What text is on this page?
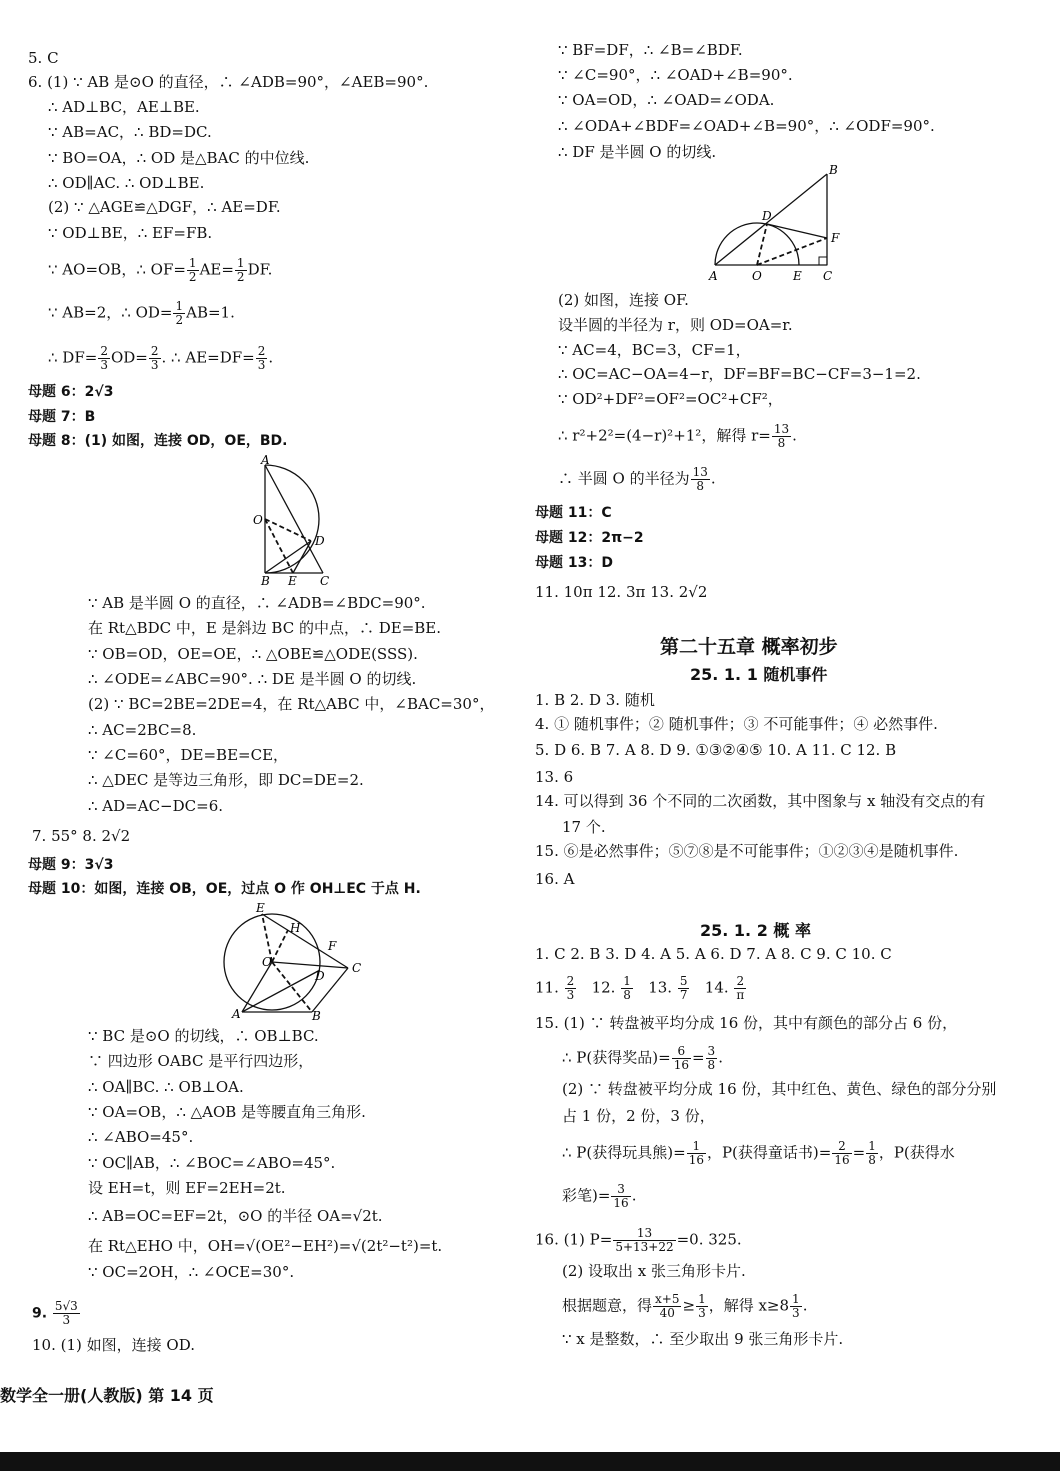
5. C
6. (1) ∵ AB 是⊙O 的直径，∴ ∠ADB=90°，∠AEB=90°.
∴ AD⊥BC，AE⊥BE.
∵ AB=AC，∴ BD=DC.
∵ BO=OA，∴ OD 是△BAC 的中位线.
∴ OD∥AC. ∴ OD⊥BE.
(2) ∵ △AGE≌△DGF，∴ AE=DF.
∵ OD⊥BE，∴ EF=FB.
∵ AO=OB，∴ $OF= \frac{1}{2} AE= \frac{1}{2}$ DF.
∵ AB=2，∴ $OD= \frac{1}{2} AB=1$.
∴ $DF= \frac{2}{3} OD= \frac{2}{3}$ . ∴ $AE=DF= \frac{2}{3}$ .
母题 6：2√3
母题 7：B
母题 8：(1) 如图，连接 OD，OE，BD.
A
O
D
B E C
∵ AB 是半圆 O 的直径，∴ ∠ADB=∠BDC=90°.
在 Rt△BDC 中，E 是斜边 BC 的中点，∴ DE=BE.
∵ OB=OD，OE=OE，∴ △OBE≌△ODE(SSS).
∴ ∠ODE=∠ABC=90°. ∴ DE 是半圆 O 的切线.
(2) ∵ BC=2BE=2DE=4，在 Rt△ABC 中，∠BAC=30°，
∴ AC=2BC=8.
∵ ∠C=60°，DE=BE=CE，
∴ △DEC 是等边三角形，即 DC=DE=2.
∴ AD=AC−DC=6.
7. 55° 8. 2√2
母题 9：3√3
母题 10：如图，连接 OB，OE，过点 O 作 OH⊥EC 于点 H.
E
H
F
O
D
C
A	B
∵ BC 是⊙O 的切线，∴ OB⊥BC.
∵ 四边形 OABC 是平行四边形，
∴ OA∥BC. ∴ OB⊥OA.
∵ OA=OB，∴ △AOB 是等腰直角三角形.
∴ ∠ABO=45°.
∵ OC∥AB，∴ ∠BOC=∠ABO=45°.
设 EH=t，则 EF=2EH=2t.
∴ AB=OC=EF=2t，⊙O 的半径 OA=√2t.
在 Rt△EHO 中，OH=√(OE²−EH²)=√(2t²−t²)=t.
∵ OC=2OH，∴ ∠OCE=30°.
9. $\frac{5√3}{3}$
10. (1) 如图，连接 OD.
∵ BF=DF，∴ ∠B=∠BDF.
∵ ∠C=90°，∴ ∠OAD+∠B=90°.
∵ OA=OD，∴ ∠OAD=∠ODA.
∴ ∠ODA+∠BDF=∠OAD+∠B=90°，∴ ∠ODF=90°.
∴ DF 是半圆 O 的切线.
B
D
F
A	O	E C
(2) 如图，连接 OF.
设半圆的半径为 r，则 OD=OA=r.
∵ AC=4，BC=3，CF=1，
∴ OC=AC−OA=4−r，DF=BF=BC−CF=3−1=2.
∵ OD²+DF²=OF²=OC²+CF²，
∴ r²+2²=(4−r)²+1²，解得 $r= \frac{13}{8}$ .
∴ 半圆 O 的半径为 $\frac{13}{8}$ .
母题 11：C
母题 12：2π−2
母题 13：D
11. 10π 12. 3π 13. 2√2
第二十五章 概率初步
25. 1. 1 随机事件
1. B 2. D 3. 随机
4. ① 随机事件；② 随机事件；③ 不可能事件；④ 必然事件.
5. D 6. B 7. A 8. D 9. ①③②④⑤ 10. A 11. C 12. B
13. 6
14. 可以得到 36 个不同的二次函数，其中图象与 x 轴没有交点的有
17 个.
15. ⑥是必然事件；⑤⑦⑧是不可能事件；①②③④是随机事件.
16. A
25. 1. 2 概 率
1. C 2. B 3. D 4. A 5. A 6. D 7. A 8. C 9. C 10. C
11. $\frac{2}{3} 12$. $\frac{1}{8} 13$. $\frac{5}{7} 14$. $\frac{2}{\pi}$
15. (1) ∵ 转盘被平均分成 16 份，其中有颜色的部分占 6 份，
∴ P(获得奖品)= $\frac{6}{16} = \frac{3}{8}$ .
(2) ∵ 转盘被平均分成 16 份，其中红色、黄色、绿色的部分分别
占 1 份，2 份，3 份，
∴ P(获得玩具熊)= $\frac{1}{16}$ ，P(获得童话书)= $\frac{2}{16} = \frac{1}{8}$ ，P(获得水
彩笔)= $\frac{3}{16}$ .
16. (1) $P= \frac{13}{5+13+22} =0$. 325.
(2) 设取出 x 张三角形卡片.
根据题意，得 $\frac{x+5}{40} \ge \frac{1}{3}$ ，解得 $x\ge 8 \frac{1}{3}$ .
∵ x 是整数，∴ 至少取出 9 张三角形卡片.
数学全一册(人教版) 第 14 页
